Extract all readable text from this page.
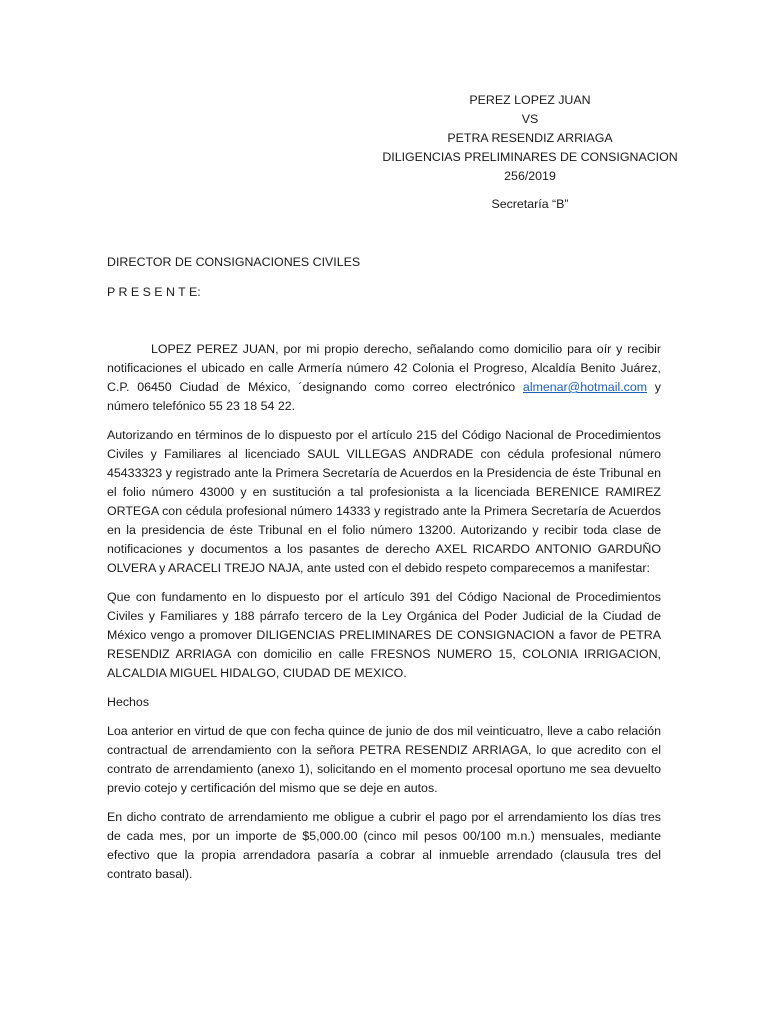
PEREZ LOPEZ JUAN
VS
PETRA RESENDIZ ARRIAGA
DILIGENCIAS PRELIMINARES DE CONSIGNACION
256/2019
Secretaría “B”
DIRECTOR DE CONSIGNACIONES CIVILES
P R E S E N T E:

LOPEZ PEREZ JUAN, por mi propio derecho, señalando como domicilio para oír y recibir notificaciones el ubicado en calle Armería número 42 Colonia el Progreso, Alcaldía Benito Juárez, C.P. 06450 Ciudad de México, ´designando como correo electrónico almenar@hotmail.com y número telefónico 55 23 18 54 22.

Autorizando en términos de lo dispuesto por el artículo 215 del Código Nacional de Procedimientos Civiles y Familiares al licenciado SAUL VILLEGAS ANDRADE con cédula profesional número 45433323 y registrado ante la Primera Secretaría de Acuerdos en la Presidencia de éste Tribunal en el folio número 43000 y en sustitución a tal profesionista a la licenciada BERENICE RAMIREZ ORTEGA con cédula profesional número 14333 y registrado ante la Primera Secretaría de Acuerdos en la presidencia de éste Tribunal en el folio número 13200. Autorizando y recibir toda clase de notificaciones y documentos a los pasantes de derecho AXEL RICARDO ANTONIO GARDUÑO OLVERA y ARACELI TREJO NAJA, ante usted con el debido respeto comparecemos a manifestar:

Que con fundamento en lo dispuesto por el artículo 391 del Código Nacional de Procedimientos Civiles y Familiares y 188 párrafo tercero de la Ley Orgánica del Poder Judicial de la Ciudad de México vengo a promover DILIGENCIAS PRELIMINARES DE CONSIGNACION a favor de PETRA RESENDIZ ARRIAGA con domicilio en calle FRESNOS NUMERO 15, COLONIA IRRIGACION, ALCALDIA MIGUEL HIDALGO, CIUDAD DE MEXICO.

Hechos

Loa anterior en virtud de que con fecha quince de junio de dos mil veinticuatro, lleve a cabo relación contractual de arrendamiento con la señora PETRA RESENDIZ ARRIAGA, lo que acredito con el contrato de arrendamiento (anexo 1), solicitando en el momento procesal oportuno me sea devuelto previo cotejo y certificación del mismo que se deje en autos.

En dicho contrato de arrendamiento me obligue a cubrir el pago por el arrendamiento los días tres de cada mes, por un importe de $5,000.00 (cinco mil pesos 00/100 m.n.) mensuales, mediante efectivo que la propia arrendadora pasaría a cobrar al inmueble arrendado (clausula tres del contrato basal).
